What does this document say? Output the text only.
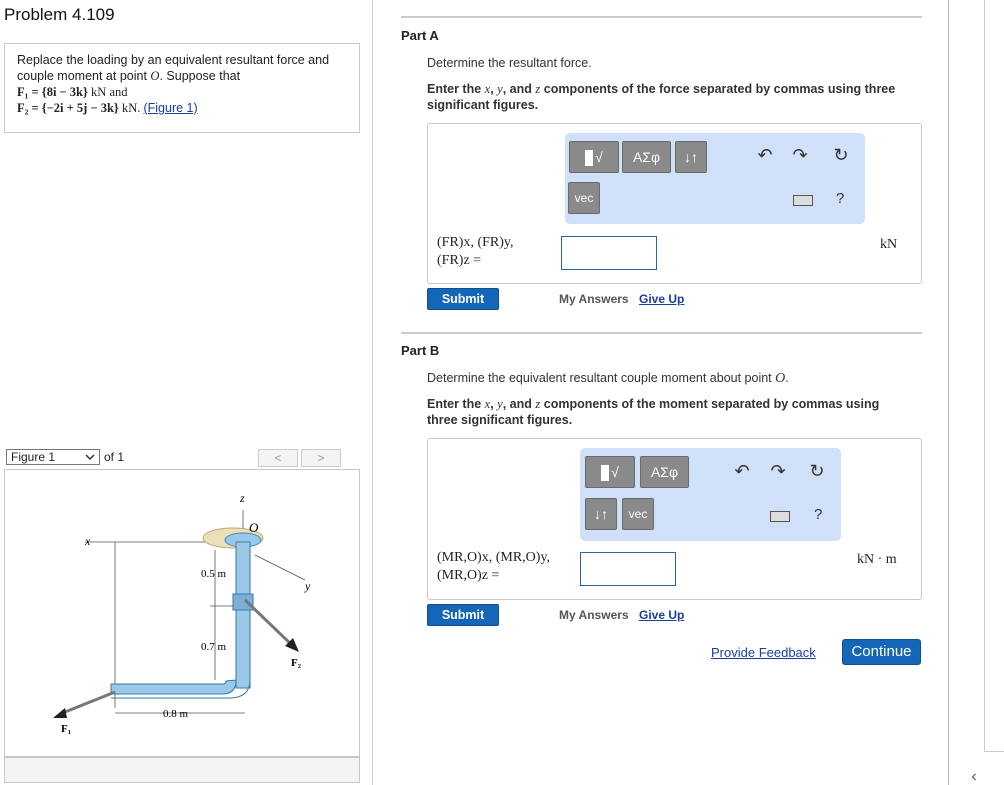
Problem 4.109
Replace the loading by an equivalent resultant force and
couple moment at point O. Suppose that
F₁ = {8i − 3k} kN and
F₂ = {−2i + 5j − 3k} kN. (Figure 1)
Figure 1	of 1	<	>
z
O
x
y
0.5 m
0.7 m
0.8 m
F₂
F₁
Part A
Determine the resultant force.
Enter the x, y, and z components of the force separated by commas using three
significant figures.
√	ΑΣφ	↓↑
vec
↶ ↷ ↻
?
(FR)x, (FR)y,
(FR)z =
kN
Submit	My Answers Give Up
Part B
Determine the equivalent resultant couple moment about point O.
Enter the x, y, and z components of the moment separated by commas using
three significant figures.
√	ΑΣφ
↓↑	vec
↶ ↷ ↻
?
(MR,O)x, (MR,O)y,
(MR,O)z =
kN · m
Submit	My Answers Give Up
Provide Feedback	Continue
‹
